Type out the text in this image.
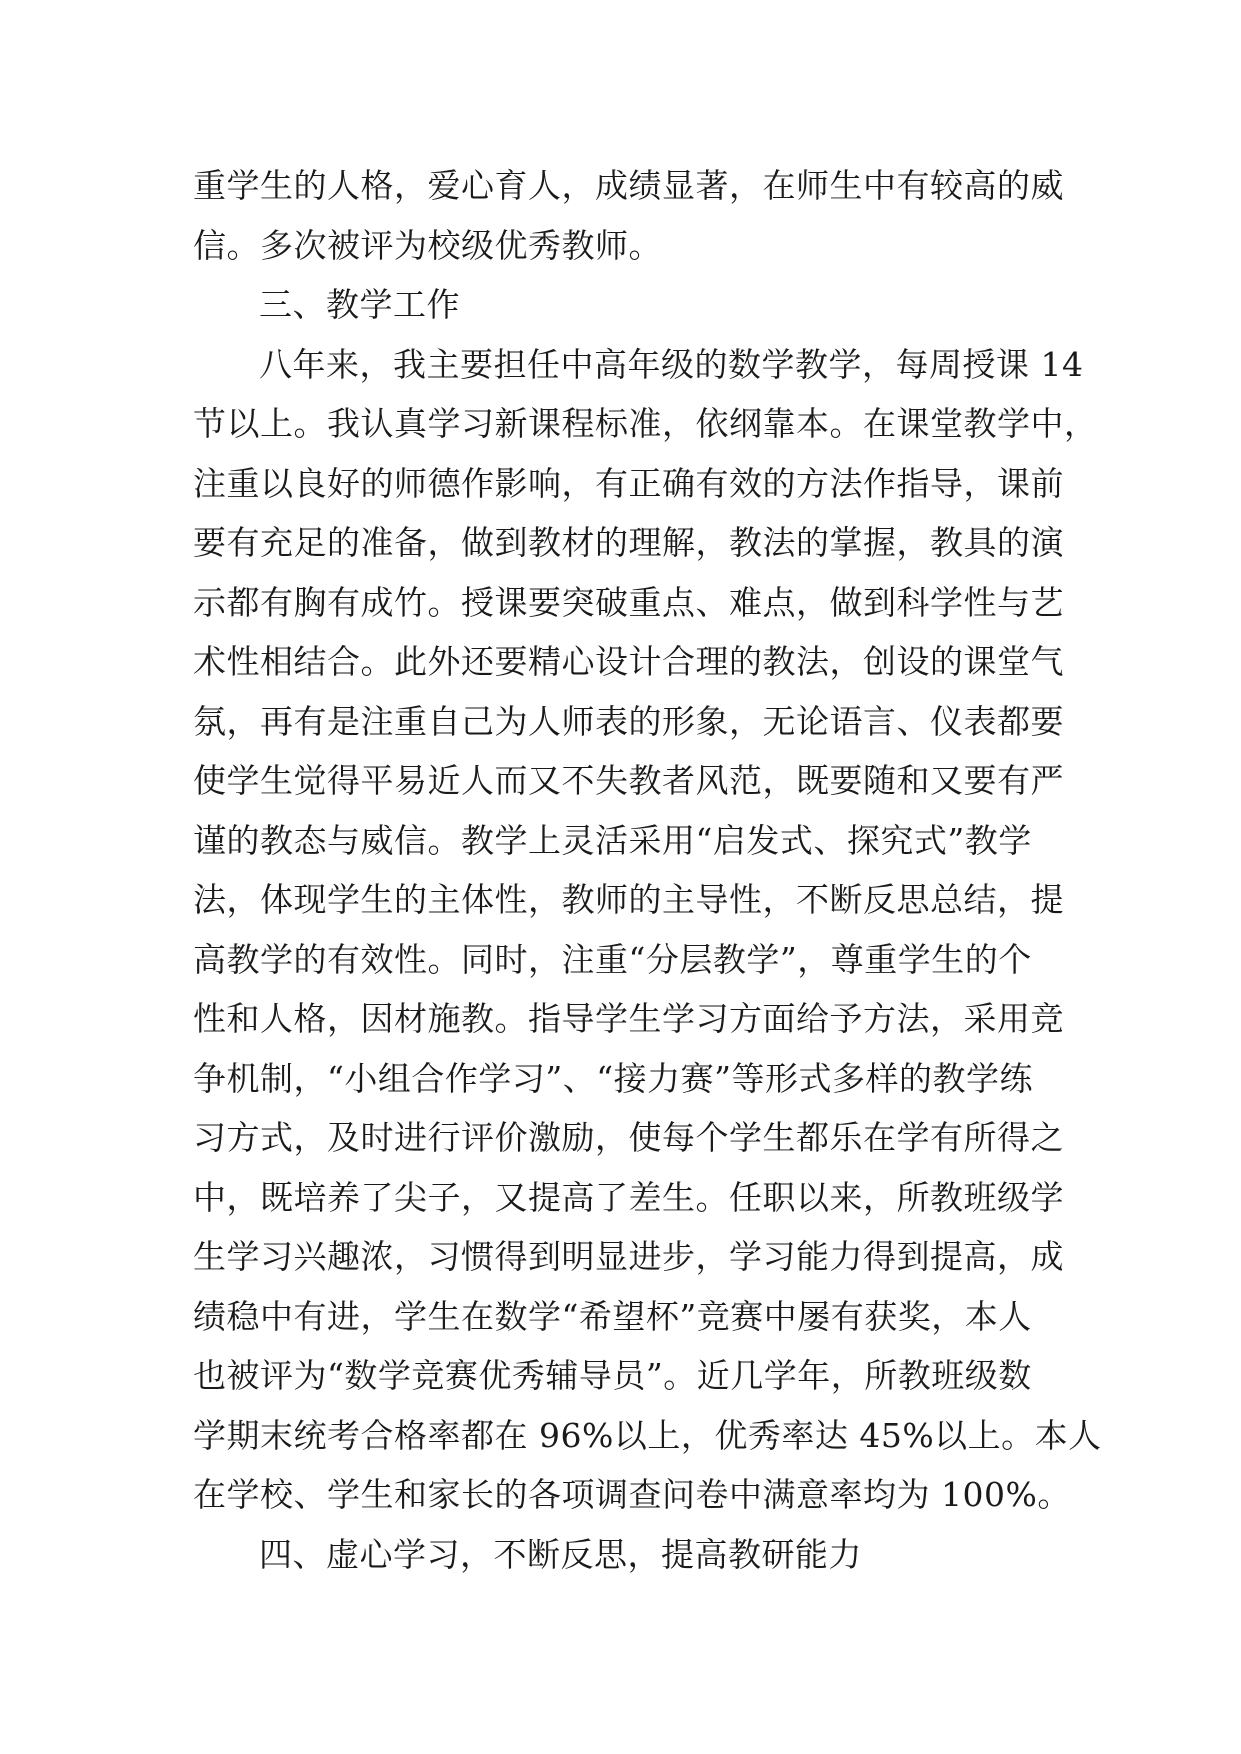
重学生的人格，爱心育人，成绩显著，在师生中有较高的威
信。多次被评为校级优秀教师。
三、教学工作
八年来，我主要担任中高年级的数学教学，每周授课 14
节以上。我认真学习新课程标准，依纲靠本。在课堂教学中，
注重以良好的师德作影响，有正确有效的方法作指导，课前
要有充足的准备，做到教材的理解，教法的掌握，教具的演
示都有胸有成竹。授课要突破重点、难点，做到科学性与艺
术性相结合。此外还要精心设计合理的教法，创设的课堂气
氛，再有是注重自己为人师表的形象，无论语言、仪表都要
使学生觉得平易近人而又不失教者风范，既要随和又要有严
谨的教态与威信。教学上灵活采用“启发式、探究式”教学
法，体现学生的主体性，教师的主导性，不断反思总结，提
高教学的有效性。同时，注重“分层教学”，尊重学生的个
性和人格，因材施教。指导学生学习方面给予方法，采用竞
争机制，“小组合作学习”、“接力赛”等形式多样的教学练
习方式，及时进行评价激励，使每个学生都乐在学有所得之
中，既培养了尖子，又提高了差生。任职以来，所教班级学
生学习兴趣浓，习惯得到明显进步，学习能力得到提高，成
绩稳中有进，学生在数学“希望杯”竞赛中屡有获奖，本人
也被评为“数学竞赛优秀辅导员”。近几学年，所教班级数
学期末统考合格率都在 96%以上，优秀率达 45%以上。本人
在学校、学生和家长的各项调查问卷中满意率均为 100%。
四、虚心学习，不断反思，提高教研能力
